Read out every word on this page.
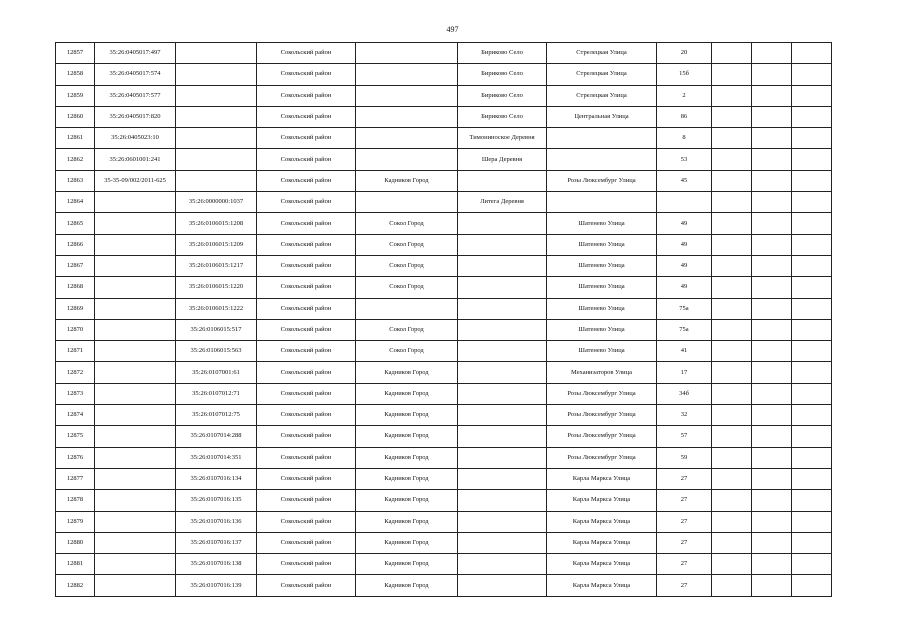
497
12857	35:26:0405017:497		Сокольский район		Бириково Село	Стрелецкая Улица	20			
12858	35:26:0405017:574		Сокольский район		Бириково Село	Стрелецкая Улица	15б			
12859	35:26:0405017:577		Сокольский район		Бириково Село	Стрелецкая Улица	2			
12860	35:26:0405017:820		Сокольский район		Бириково Село	Центральная Улица	86			
12861	35:26:0405023:10		Сокольский район		Тимониноское Деревня		8			
12862	35:26:0601001:241		Сокольский район		Шера Деревня		53			
12863	35-35-09/002/2011-625		Сокольский район	Кадников Город		Розы Люксембург Улица	45			
12864		35:26:0000000:1037	Сокольский район		Литега Деревня					
12865		35:26:0106015:1208	Сокольский район	Сокол Город		Шатенево Улица	49			
12866		35:26:0106015:1209	Сокольский район	Сокол Город		Шатенево Улица	49			
12867		35:26:0106015:1217	Сокольский район	Сокол Город		Шатенево Улица	49			
12868		35:26:0106015:1220	Сокольский район	Сокол Город		Шатенево Улица	49			
12869		35:26:0106015:1222	Сокольский район			Шатенево Улица	75а			
12870		35:26:0106015:517	Сокольский район	Сокол Город		Шатенево Улица	75а			
12871		35:26:0106015:563	Сокольский район	Сокол Город		Шатенево Улица	41			
12872		35:26:0107001:61	Сокольский район	Кадников Город		Механизаторов Улица	17			
12873		35:26:0107012:71	Сокольский район	Кадников Город		Розы Люксембург Улица	34б			
12874		35:26:0107012:75	Сокольский район	Кадников Город		Розы Люксембург Улица	32			
12875		35:26:0107014:288	Сокольский район	Кадников Город		Розы Люксембург Улица	57			
12876		35:26:0107014:351	Сокольский район	Кадников Город		Розы Люксембург Улица	59			
12877		35:26:0107016:134	Сокольский район	Кадников Город		Карла Маркса Улица	27			
12878		35:26:0107016:135	Сокольский район	Кадников Город		Карла Маркса Улица	27			
12879		35:26:0107016:136	Сокольский район	Кадников Город		Карла Маркса Улица	27			
12880		35:26:0107016:137	Сокольский район	Кадников Город		Карла Маркса Улица	27			
12881		35:26:0107016:138	Сокольский район	Кадников Город		Карла Маркса Улица	27			
12882		35:26:0107016:139	Сокольский район	Кадников Город		Карла Маркса Улица	27			
